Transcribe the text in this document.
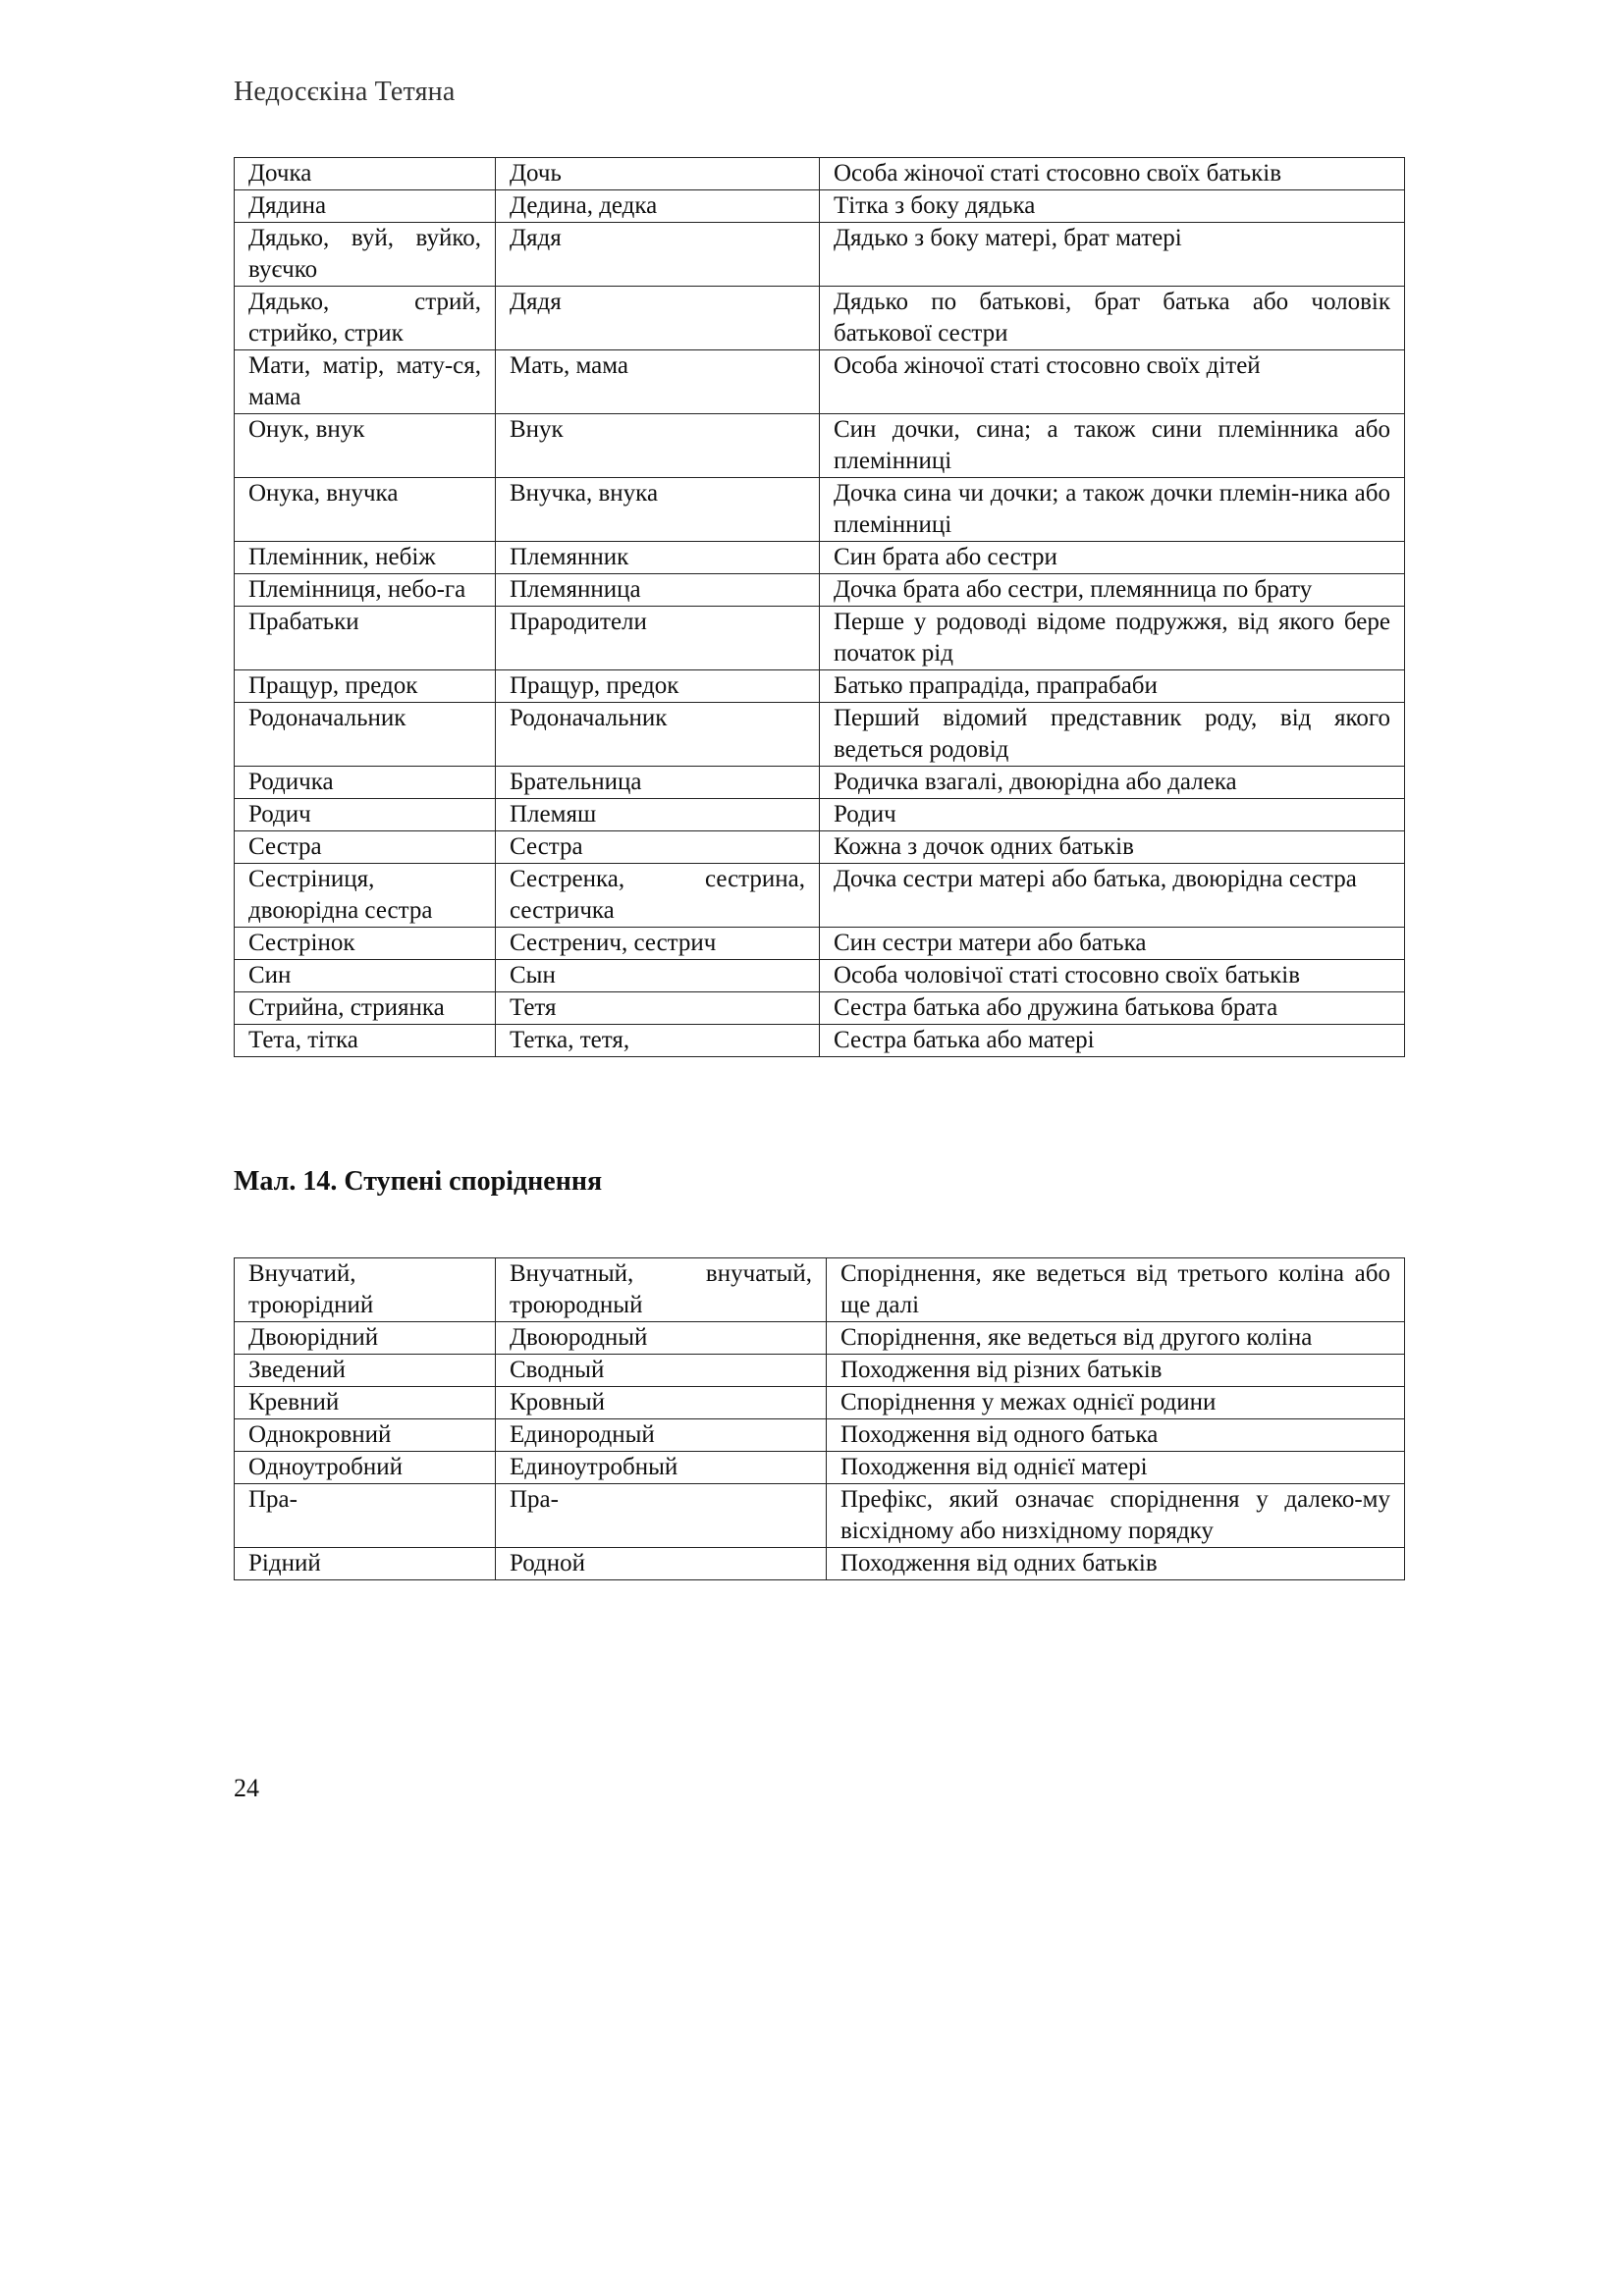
Недосєкіна Тетяна
Дочка	Дочь	Особа жіночої статі стосовно своїх батьків
Дядина	Дедина, дедка	Тітка з боку дядька
Дядько, вуй, вуйко, вуєчко	Дядя	Дядько з боку матері, брат матері
Дядько, стрий, стрийко, стрик	Дядя	Дядько по батькові, брат батька або чоловік батькової сестри
Мати, матір, мату-ся, мама	Мать, мама	Особа жіночої статі стосовно своїх дітей
Онук, внук	Внук	Син дочки, сина; а також сини племінника або племінниці
Онука, внучка	Внучка, внука	Дочка сина чи дочки; а також дочки племін-ника або племінниці
Племінник, небіж	Племянник	Син брата або сестри
Племінниця, небо-га	Племянница	Дочка брата або сестри, племянница по брату
Прабатьки	Прародители	Перше у родоводі відоме подружжя, від якого бере початок рід
Пращур, предок	Пращур, предок	Батько прапрадіда, прапрабаби
Родоначальник	Родоначальник	Перший відомий представник роду, від якого ведеться родовід
Родичка	Брательница	Родичка взагалі, двоюрідна або далека
Родич	Племяш	Родич
Сестра	Сестра	Кожна з дочок одних батьків
Сестріниця, двоюрідна сестра	Сестренка, сестрина, сестричка	Дочка сестри матері або батька, двоюрідна сестра
Сестрінок	Сестренич, сестрич	Син сестри матери або батька
Син	Сын	Особа чоловічої статі стосовно своїх батьків
Стрийна, стриянка	Тетя	Сестра батька або дружина батькова брата
Тета, тітка	Тетка, тетя,	Сестра батька або матері
Мал. 14. Ступені споріднення
Внучатий, троюрідний	Внучатный, внучатый, троюродный	Споріднення, яке ведеться від третього коліна або ще далі
Двоюрідний	Двоюродный	Споріднення, яке ведеться від другого коліна
Зведений	Сводный	Походження від різних батьків
Кревний	Кровный	Споріднення у межах однієї родини
Однокровний	Единородный	Походження від одного батька
Одноутробний	Единоутробный	Походження від однієї матері
Пра-	Пра-	Префікс, який означає споріднення у далеко-му вісхідному або низхідному порядку
Рідний	Родной	Походження від одних батьків
24
